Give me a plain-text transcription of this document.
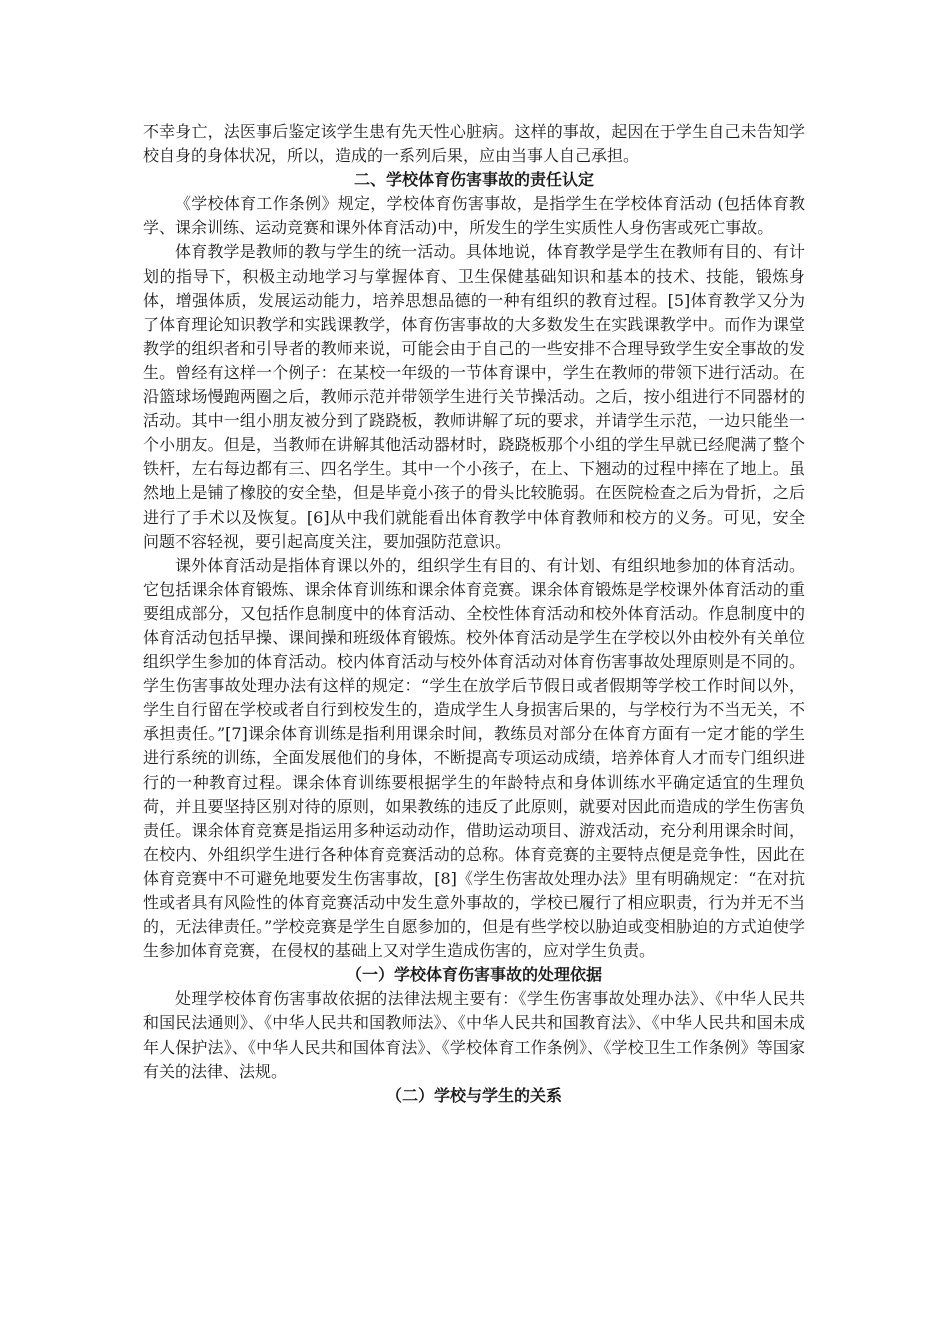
不幸身亡，法医事后鉴定该学生患有先天性心脏病。这样的事故，起因在于学生自己未告知学校自身的身体状况，所以，造成的一系列后果，应由当事人自己承担。

二、学校体育伤害事故的责任认定

《学校体育工作条例》规定，学校体育伤害事故，是指学生在学校体育活动 (包括体育教学、课余训练、运动竞赛和课外体育活动)中，所发生的学生实质性人身伤害或死亡事故。

体育教学是教师的教与学生的统一活动。具体地说，体育教学是学生在教师有目的、有计划的指导下，积极主动地学习与掌握体育、卫生保健基础知识和基本的技术、技能，锻炼身体，增强体质，发展运动能力，培养思想品德的一种有组织的教育过程。[5]体育教学又分为了体育理论知识教学和实践课教学，体育伤害事故的大多数发生在实践课教学中。而作为课堂教学的组织者和引导者的教师来说，可能会由于自己的一些安排不合理导致学生安全事故的发生。曾经有这样一个例子：在某校一年级的一节体育课中，学生在教师的带领下进行活动。在沿篮球场慢跑两圈之后，教师示范并带领学生进行关节操活动。之后，按小组进行不同器材的活动。其中一组小朋友被分到了跷跷板，教师讲解了玩的要求，并请学生示范，一边只能坐一个小朋友。但是，当教师在讲解其他活动器材时，跷跷板那个小组的学生早就已经爬满了整个铁杆，左右每边都有三、四名学生。其中一个小孩子，在上、下翘动的过程中摔在了地上。虽然地上是铺了橡胶的安全垫，但是毕竟小孩子的骨头比较脆弱。在医院检查之后为骨折，之后进行了手术以及恢复。[6]从中我们就能看出体育教学中体育教师和校方的义务。可见，安全问题不容轻视，要引起高度关注，要加强防范意识。

课外体育活动是指体育课以外的，组织学生有目的、有计划、有组织地参加的体育活动。它包括课余体育锻炼、课余体育训练和课余体育竞赛。课余体育锻炼是学校课外体育活动的重要组成部分，又包括作息制度中的体育活动、全校性体育活动和校外体育活动。作息制度中的体育活动包括早操、课间操和班级体育锻炼。校外体育活动是学生在学校以外由校外有关单位组织学生参加的体育活动。校内体育活动与校外体育活动对体育伤害事故处理原则是不同的。学生伤害事故处理办法有这样的规定：“学生在放学后节假日或者假期等学校工作时间以外，学生自行留在学校或者自行到校发生的，造成学生人身损害后果的，与学校行为不当无关，不承担责任。”[7]课余体育训练是指利用课余时间，教练员对部分在体育方面有一定才能的学生进行系统的训练，全面发展他们的身体，不断提高专项运动成绩，培养体育人才而专门组织进行的一种教育过程。课余体育训练要根据学生的年龄特点和身体训练水平确定适宜的生理负荷，并且要坚持区别对待的原则，如果教练的违反了此原则，就要对因此而造成的学生伤害负责任。课余体育竞赛是指运用多种运动动作，借助运动项目、游戏活动，充分利用课余时间，在校内、外组织学生进行各种体育竞赛活动的总称。体育竞赛的主要特点便是竞争性，因此在体育竞赛中不可避免地要发生伤害事故，[8]《学生伤害故处理办法》里有明确规定：“在对抗性或者具有风险性的体育竞赛活动中发生意外事故的，学校已履行了相应职责，行为并无不当的，无法律责任。”学校竞赛是学生自愿参加的，但是有些学校以胁迫或变相胁迫的方式迫使学生参加体育竞赛，在侵权的基础上又对学生造成伤害的，应对学生负责。

（一）学校体育伤害事故的处理依据

处理学校体育伤害事故依据的法律法规主要有：《学生伤害事故处理办法》、《中华人民共和国民法通则》、《中华人民共和国教师法》、《中华人民共和国教育法》、《中华人民共和国未成年人保护法》、《中华人民共和国体育法》、《学校体育工作条例》、《学校卫生工作条例》等国家有关的法律、法规。

（二）学校与学生的关系
